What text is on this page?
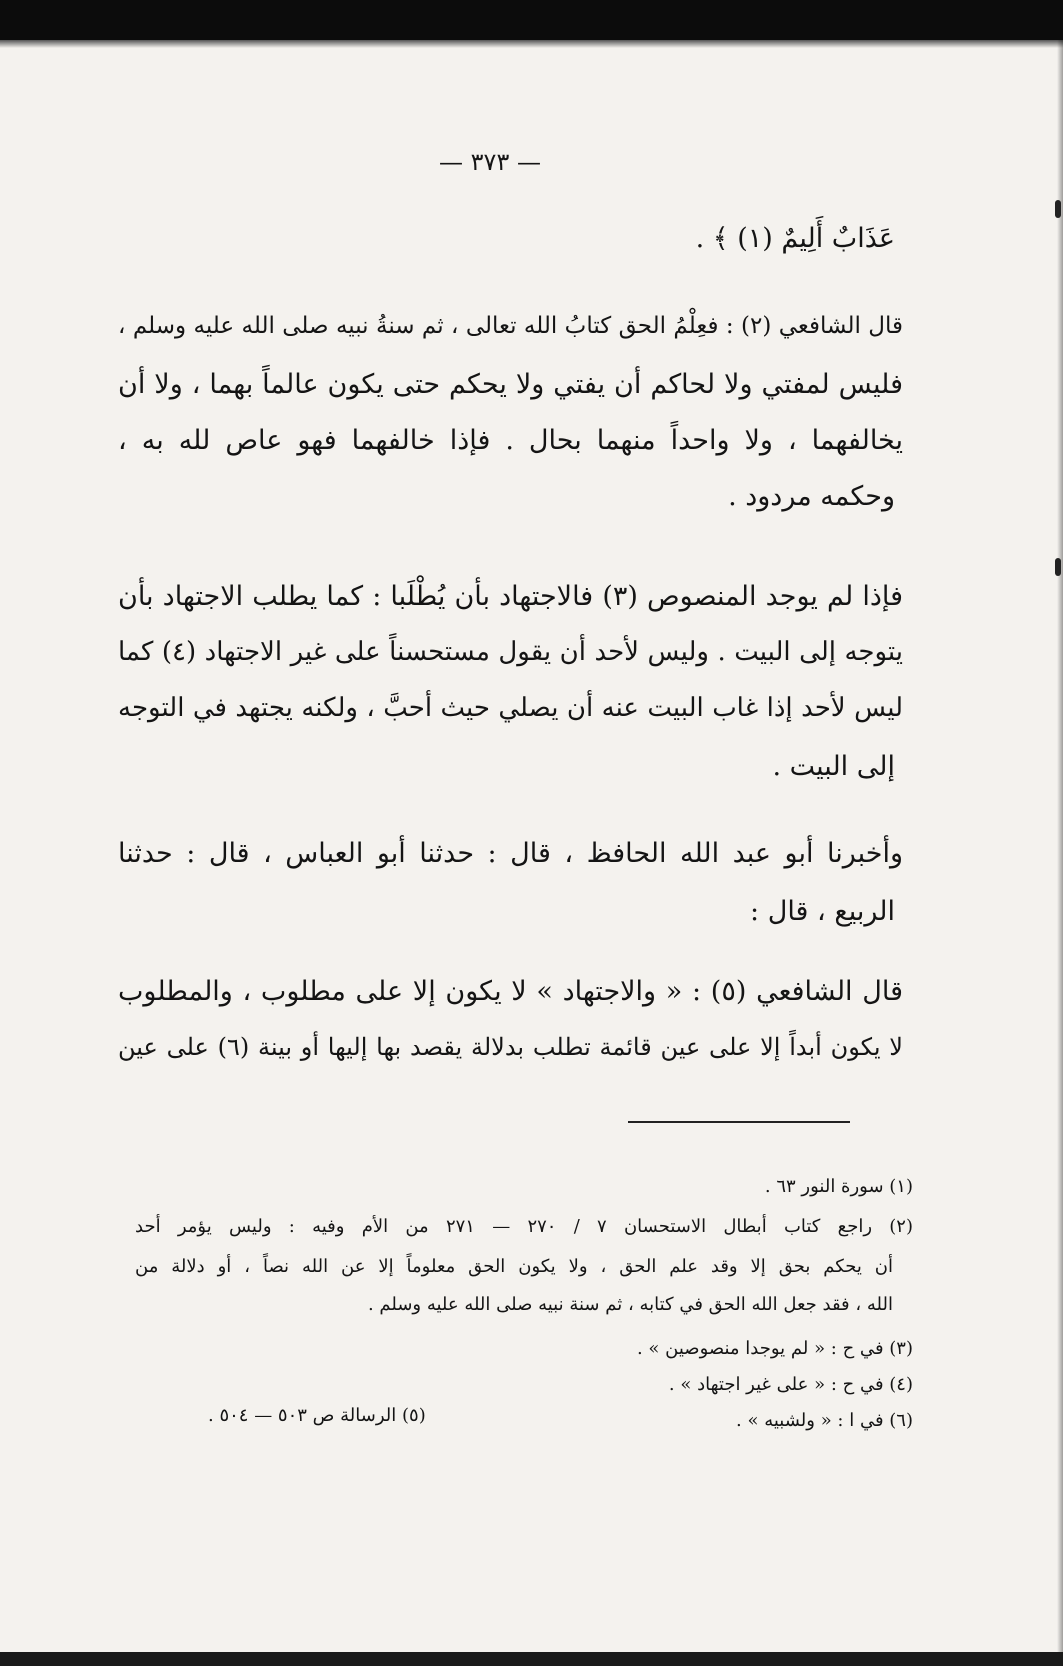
— ٣٧٣ —
عَذَابٌ أَلِيمٌ (١) ﴾ .
قال الشافعي (٢) : فعِلْمُ الحق كتابُ الله تعالى ، ثم سنةُ نبيه صلى الله عليه وسلم ،
فليس لمفتي ولا لحاكم أن يفتي ولا يحكم حتى يكون عالماً بهما ، ولا أن
يخالفهما ، ولا واحداً منهما بحال . فإذا خالفهما فهو عاص لله به ،
وحكمه مردود .
فإذا لم يوجد المنصوص (٣) فالاجتهاد بأن يُطْلَبا : كما يطلب الاجتهاد بأن
يتوجه إلى البيت . وليس لأحد أن يقول مستحسناً على غير الاجتهاد (٤) كما
ليس لأحد إذا غاب البيت عنه أن يصلي حيث أحبَّ ، ولكنه يجتهد في التوجه
إلى البيت .
وأخبرنا أبو عبد الله الحافظ ، قال : حدثنا أبو العباس ، قال : حدثنا
الربيع ، قال :
قال الشافعي (٥) : « والاجتهاد » لا يكون إلا على مطلوب ، والمطلوب
لا يكون أبداً إلا على عين قائمة تطلب بدلالة يقصد بها إليها أو بينة (٦) على عين
(١) سورة النور ٦٣ .
(٢) راجع كتاب أبطال الاستحسان ٧ / ٢٧٠ — ٢٧١ من الأم وفيه : وليس يؤمر أحد
أن يحكم بحق إلا وقد علم الحق ، ولا يكون الحق معلوماً إلا عن الله نصاً ، أو دلالة من
الله ، فقد جعل الله الحق في كتابه ، ثم سنة نبيه صلى الله عليه وسلم .
(٣) في ح : « لم يوجدا منصوصين » .
(٤) في ح : « على غير اجتهاد » .
(٥) الرسالة ص ٥٠٣ — ٥٠٤ .	(٦) في ا : « ولشبيه » .
